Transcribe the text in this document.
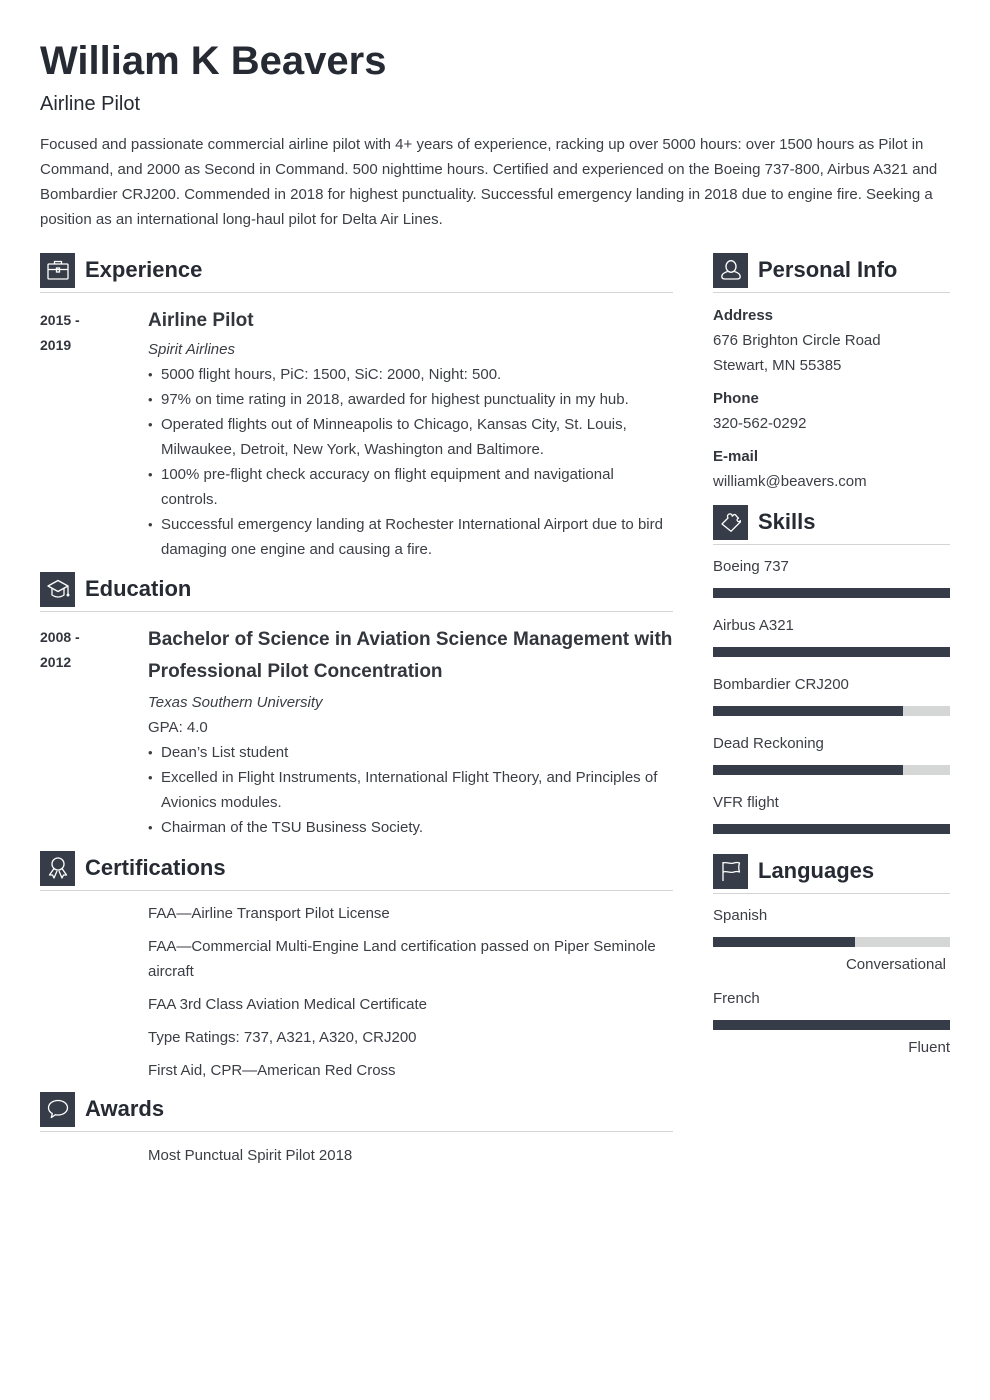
William K Beavers
Airline Pilot

Focused and passionate commercial airline pilot with 4+ years of experience, racking up over 5000 hours: over 1500 hours as Pilot in Command, and 2000 as Second in Command. 500 nighttime hours. Certified and experienced on the Boeing 737-800, Airbus A321 and Bombardier CRJ200. Commended in 2018 for highest punctuality. Successful emergency landing in 2018 due to engine fire. Seeking a position as an international long-haul pilot for Delta Air Lines.

Experience
2015 -
2019
Airline Pilot
Spirit Airlines
• 5000 flight hours, PiC: 1500, SiC: 2000, Night: 500.
• 97% on time rating in 2018, awarded for highest punctuality in my hub.
• Operated flights out of Minneapolis to Chicago, Kansas City, St. Louis, Milwaukee, Detroit, New York, Washington and Baltimore.
• 100% pre-flight check accuracy on flight equipment and navigational controls.
• Successful emergency landing at Rochester International Airport due to bird damaging one engine and causing a fire.
Education
2008 -
2012
Bachelor of Science in Aviation Science Management with Professional Pilot Concentration
Texas Southern University
GPA: 4.0
• Dean’s List student
• Excelled in Flight Instruments, International Flight Theory, and Principles of Avionics modules.
• Chairman of the TSU Business Society.
Certifications
FAA—Airline Transport Pilot License
FAA—Commercial Multi-Engine Land certification passed on Piper Seminole aircraft
FAA 3rd Class Aviation Medical Certificate
Type Ratings: 737, A321, A320, CRJ200
First Aid, CPR—American Red Cross
Awards
Most Punctual Spirit Pilot 2018
Personal Info
Address
676 Brighton Circle Road
Stewart, MN 55385
Phone
320-562-0292
E-mail
williamk@beavers.com
Skills
Boeing 737
Airbus A321
Bombardier CRJ200
Dead Reckoning
VFR flight
Languages
Spanish
Conversational
French
Fluent
